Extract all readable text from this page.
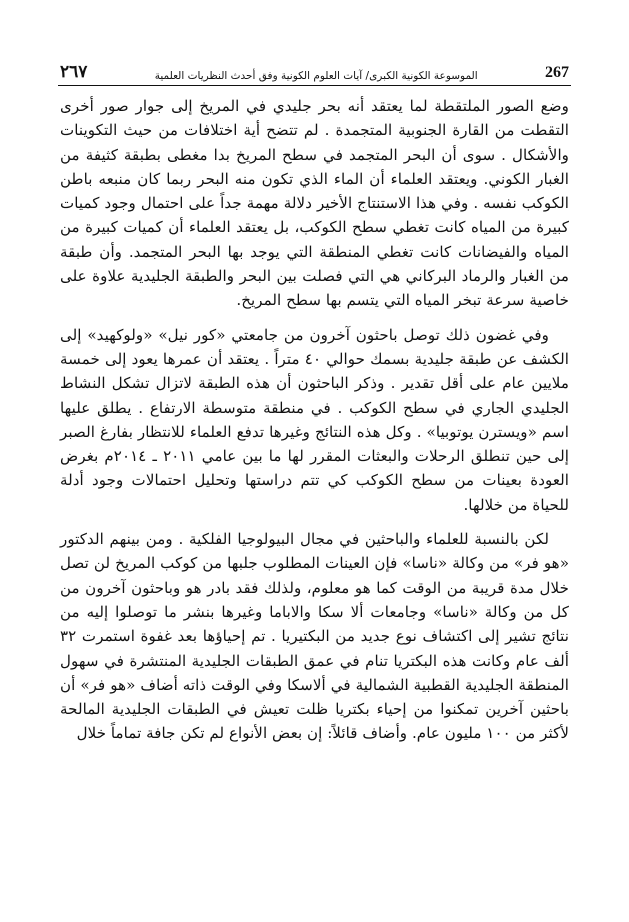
٢٦٧	الموسوعة الكونية الكبرى/ آيات العلوم الكونية وفق أحدث النظريات العلمية	267

وضع الصور الملتقطة لما يعتقد أنه بحر جليدي في المريخ إلى جوار صور أخرى التقطت من القارة الجنوبية المتجمدة . لم تتضح أية اختلافات من حيث التكوينات والأشكال . سوى أن البحر المتجمد في سطح المريخ بدا مغطى بطبقة كثيفة من الغبار الكوني. ويعتقد العلماء أن الماء الذي تكون منه البحر ربما كان منبعه باطن الكوكب نفسه . وفي هذا الاستنتاج الأخير دلالة مهمة جداً على احتمال وجود كميات كبيرة من المياه كانت تغطي سطح الكوكب، بل يعتقد العلماء أن كميات كبيرة من المياه والفيضانات كانت تغطي المنطقة التي يوجد بها البحر المتجمد. وأن طبقة من الغبار والرماد البركاني هي التي فصلت بين البحر والطبقة الجليدية علاوة على خاصية سرعة تبخر المياه التي يتسم بها سطح المريخ.

وفي غضون ذلك توصل باحثون آخرون من جامعتي «كور نيل» «ولوكهيد» إلى الكشف عن طبقة جليدية بسمك حوالي ٤٠ متراً . يعتقد أن عمرها يعود إلى خمسة ملايين عام على أقل تقدير . وذكر الباحثون أن هذه الطبقة لاتزال تشكل النشاط الجليدي الجاري في سطح الكوكب . في منطقة متوسطة الارتفاع . يطلق عليها اسم «ويسترن يوتوبيا» . وكل هذه النتائج وغيرها تدفع العلماء للانتظار بفارغ الصبر إلى حين تنطلق الرحلات والبعثات المقرر لها ما بين عامي ٢٠١١ ـ ٢٠١٤م بغرض العودة بعينات من سطح الكوكب كي تتم دراستها وتحليل احتمالات وجود أدلة للحياة من خلالها.

لكن بالنسبة للعلماء والباحثين في مجال البيولوجيا الفلكية . ومن بينهم الدكتور «هو فر» من وكالة «ناسا» فإن العينات المطلوب جلبها من كوكب المريخ لن تصل خلال مدة قريبة من الوقت كما هو معلوم، ولذلك فقد بادر هو وباحثون آخرون من كل من وكالة «ناسا» وجامعات ألا سكا والاباما وغيرها بنشر ما توصلوا إليه من نتائج تشير إلى اكتشاف نوع جديد من البكتيريا . تم إحياؤها بعد غفوة استمرت ٣٢ ألف عام وكانت هذه البكتريا تنام في عمق الطبقات الجليدية المنتشرة في سهول المنطقة الجليدية القطبية الشمالية في ألاسكا وفي الوقت ذاته أضاف «هو فر» أن باحثين آخرين تمكنوا من إحياء بكتريا ظلت تعيش في الطبقات الجليدية المالحة لأكثر من ١٠٠ مليون عام. وأضاف قائلاً: إن بعض الأنواع لم تكن جافة تماماً خلال
